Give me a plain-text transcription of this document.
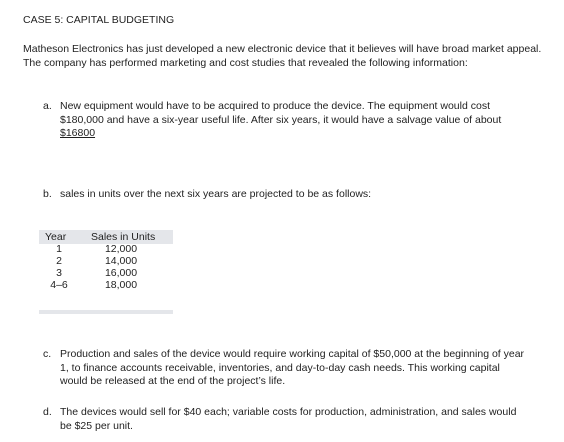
CASE 5: CAPITAL BUDGETING
Matheson Electronics has just developed a new electronic device that it believes will have broad market appeal. The company has performed marketing and cost studies that revealed the following information:
a. New equipment would have to be acquired to produce the device. The equipment would cost $180,000 and have a six-year useful life. After six years, it would have a salvage value of about
$16800
b. sales in units over the next six years are projected to be as follows:
Year Sales in Units
1	12,000
2	14,000
3	16,000
4–6	18,000
c. Production and sales of the device would require working capital of $50,000 at the beginning of year 1, to finance accounts receivable, inventories, and day-to-day cash needs. This working capital would be released at the end of the project’s life.
d. The devices would sell for $40 each; variable costs for production, administration, and sales would be $25 per unit.
